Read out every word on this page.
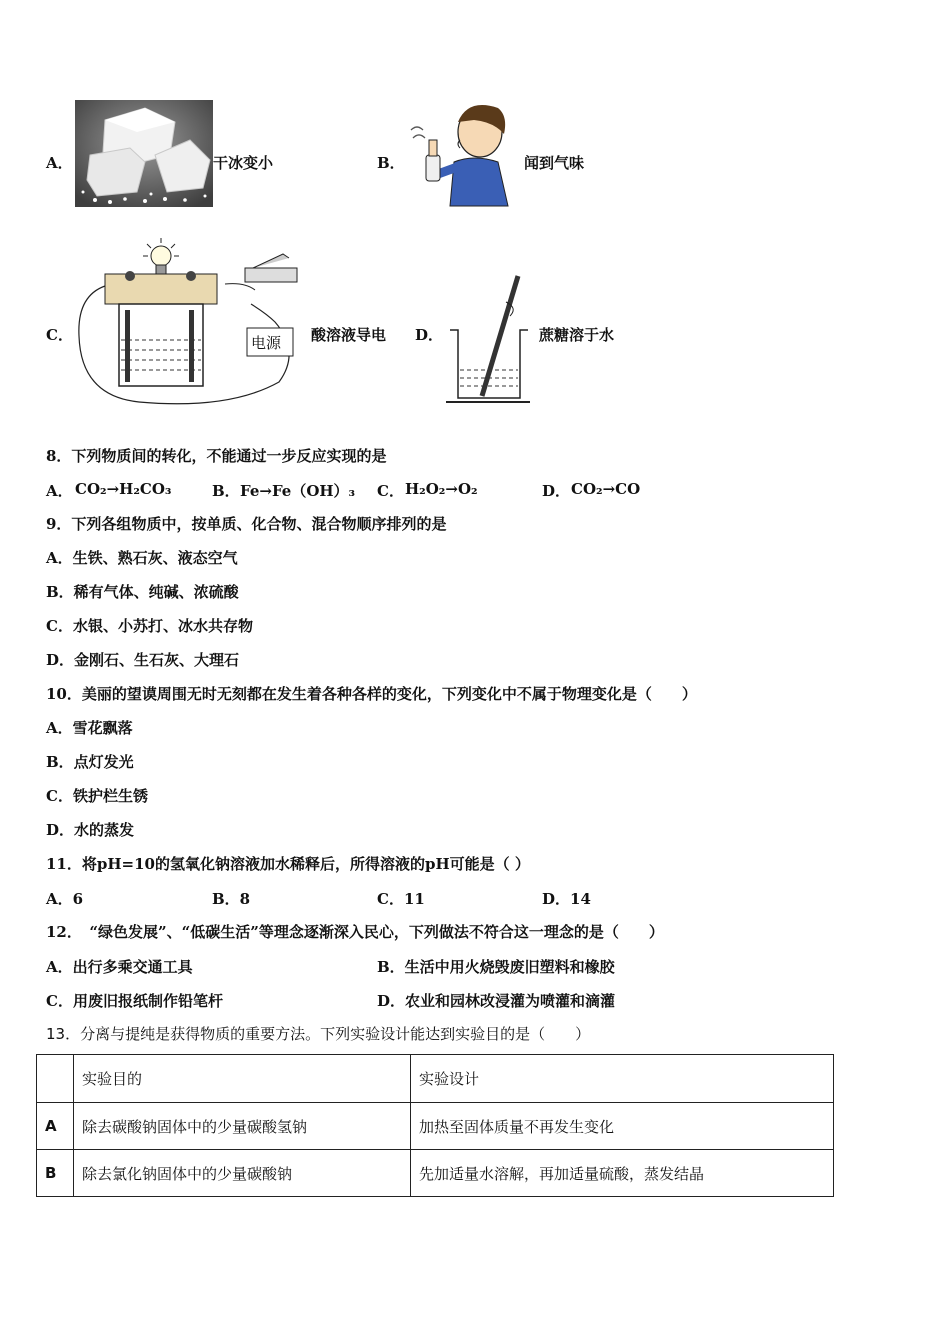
A．	干冰变小	B．	闻到气味
C．	电源 酸溶液导电 D．	蔗糖溶于水
8．下列物质间的转化，不能通过一步反应实现的是
A． CO₂→H₂CO₃	B． Fe→Fe（OH）₃ C． H₂O₂→O₂	D． CO₂→CO
9．下列各组物质中，按单质、化合物、混合物顺序排列的是
A．生铁、熟石灰、液态空气
B．稀有气体、纯碱、浓硫酸
C．水银、小苏打、冰水共存物
D．金刚石、生石灰、大理石
10．美丽的望谟周围无时无刻都在发生着各种各样的变化，下列变化中不属于物理变化是（　　）
A．雪花飘落
B．点灯发光
C．铁护栏生锈
D．水的蒸发
11．将pH=10的氢氧化钠溶液加水稀释后，所得溶液的pH可能是（ ）
A．6	B．8	C．11	D．14
12．　“绿色发展”、“低碳生活”等理念逐渐深入民心，下列做法不符合这一理念的是（　　）
A．出行多乘交通工具	B．生活中用火烧毁废旧塑料和橡胶
C．用废旧报纸制作铅笔杆	D．农业和园林改浸灌为喷灌和滴灌
13．分离与提纯是获得物质的重要方法。下列实验设计能达到实验目的是（　　）
	实验目的	实验设计
A	除去碳酸钠固体中的少量碳酸氢钠	加热至固体质量不再发生变化
B	除去氯化钠固体中的少量碳酸钠	先加适量水溶解，再加适量硫酸，蒸发结晶
